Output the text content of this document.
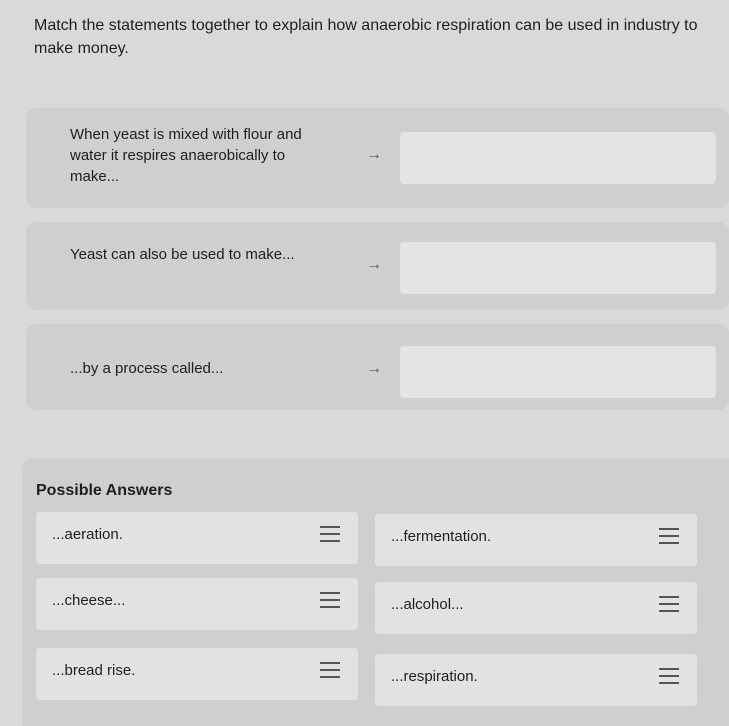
Match the statements together to explain how anaerobic respiration can be used in industry to make money.
When yeast is mixed with flour and water it respires anaerobically to make...
→
Yeast can also be used to make...
→
...by a process called...	→
Possible Answers
...aeration.	...fermentation.
...cheese...	...alcohol...
...bread rise.	...respiration.
